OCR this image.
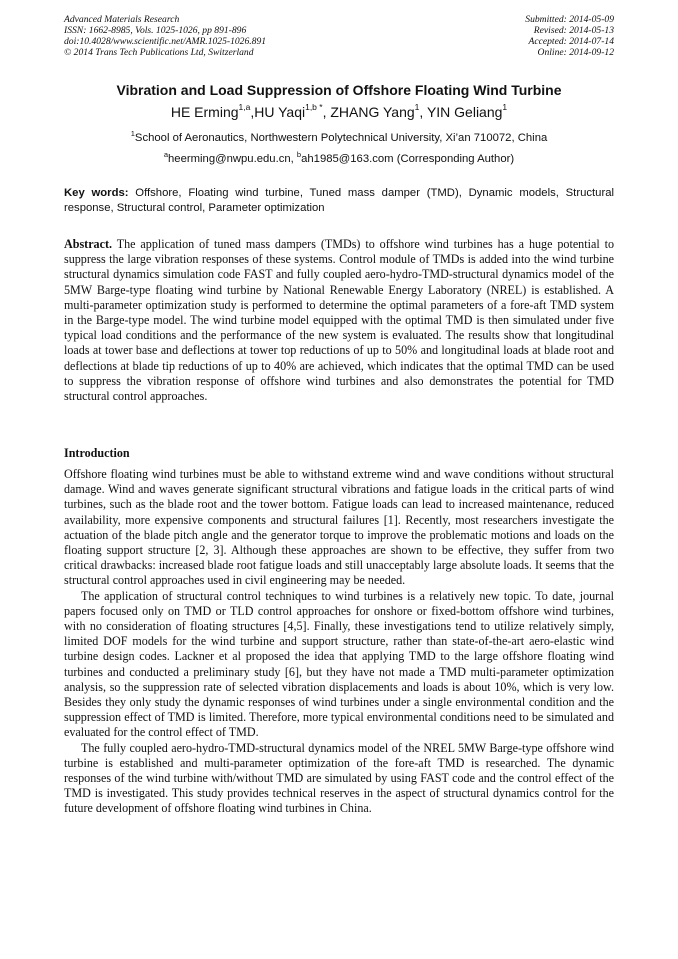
Advanced Materials Research
ISSN: 1662-8985, Vols. 1025-1026, pp 891-896
doi:10.4028/www.scientific.net/AMR.1025-1026.891
© 2014 Trans Tech Publications Ltd, Switzerland
Submitted: 2014-05-09
Revised: 2014-05-13
Accepted: 2014-07-14
Online: 2014-09-12
Vibration and Load Suppression of Offshore Floating Wind Turbine
HE Erming$^{1,a}$,HU Yaqi$^{1,b *}$, ZHANG Yang$^1$, YIN Geliang$^1$
$^1$School of Aeronautics, Northwestern Polytechnical University, Xi’an 710072, China
$^a$heerming@nwpu.edu.cn, $^b$ah1985@163.com (Corresponding Author)
Key words: Offshore, Floating wind turbine, Tuned mass damper (TMD), Dynamic models, Structural response, Structural control, Parameter optimization
Abstract. The application of tuned mass dampers (TMDs) to offshore wind turbines has a huge potential to suppress the large vibration responses of these systems. Control module of TMDs is added into the wind turbine structural dynamics simulation code FAST and fully coupled aero-hydro-TMD-structural dynamics model of the 5MW Barge-type floating wind turbine by National Renewable Energy Laboratory (NREL) is established. A multi-parameter optimization study is performed to determine the optimal parameters of a fore-aft TMD system in the Barge-type model. The wind turbine model equipped with the optimal TMD is then simulated under five typical load conditions and the performance of the new system is evaluated. The results show that longitudinal loads at tower base and deflections at tower top reductions of up to 50% and longitudinal loads at blade root and deflections at blade tip reductions of up to 40% are achieved, which indicates that the optimal TMD can be used to suppress the vibration response of offshore wind turbines and also demonstrates the potential for TMD structural control approaches.
Introduction

Offshore floating wind turbines must be able to withstand extreme wind and wave conditions without structural damage. Wind and waves generate significant structural vibrations and fatigue loads in the critical parts of wind turbines, such as the blade root and the tower bottom. Fatigue loads can lead to increased maintenance, reduced availability, more expensive components and structural failures [1]. Recently, most researchers investigate the actuation of the blade pitch angle and the generator torque to improve the problematic motions and loads on the floating support structure [2, 3]. Although these approaches are shown to be effective, they suffer from two critical drawbacks: increased blade root fatigue loads and still unacceptably large absolute loads. It seems that the structural control approaches used in civil engineering may be needed.

The application of structural control techniques to wind turbines is a relatively new topic. To date, journal papers focused only on TMD or TLD control approaches for onshore or fixed-bottom offshore wind turbines, with no consideration of floating structures [4,5]. Finally, these investigations tend to utilize relatively simply, limited DOF models for the wind turbine and support structure, rather than state-of-the-art aero-elastic wind turbine design codes. Lackner et al proposed the idea that applying TMD to the large offshore floating wind turbines and conducted a preliminary study [6], but they have not made a TMD multi-parameter optimization analysis, so the suppression rate of selected vibration displacements and loads is about 10%, which is very low. Besides they only study the dynamic responses of wind turbines under a single environmental condition and the suppression effect of TMD is limited. Therefore, more typical environmental conditions need to be simulated and evaluated for the control effect of TMD.

The fully coupled aero-hydro-TMD-structural dynamics model of the NREL 5MW Barge-type offshore wind turbine is established and multi-parameter optimization of the fore-aft TMD is researched. The dynamic responses of the wind turbine with/without TMD are simulated by using FAST code and the control effect of the TMD is investigated. This study provides technical reserves in the aspect of structural dynamics control for the future development of offshore floating wind turbines in China.
